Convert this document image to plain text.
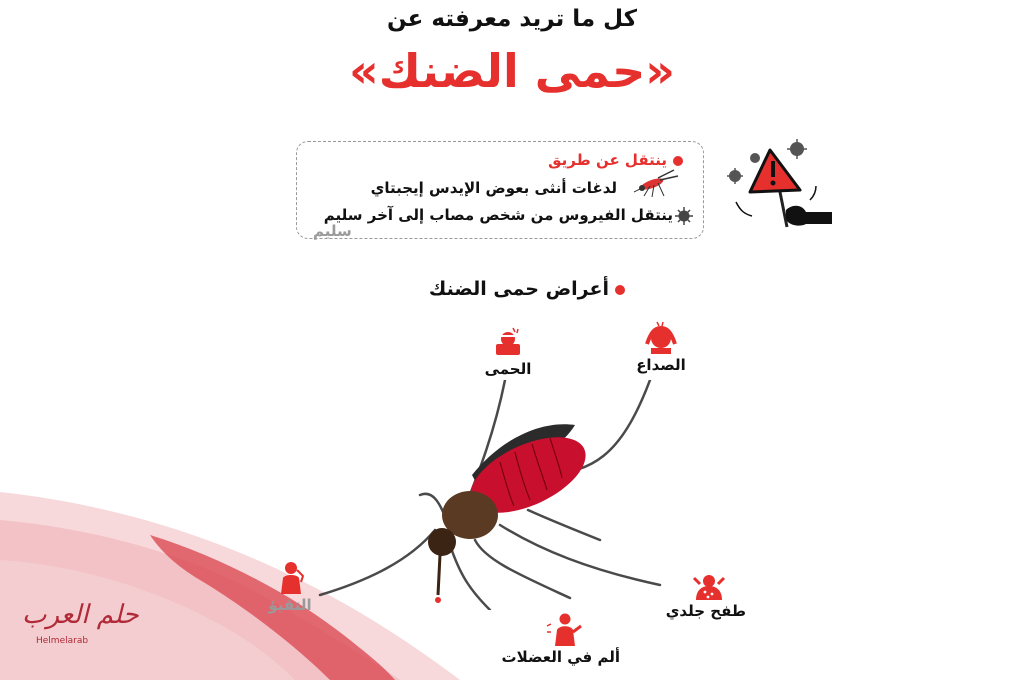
كل ما تريد معرفته عن
«حمى الضنك»
ينتقل عن طريق
لدغات أنثى بعوض الإيدس إيجبتاي
ينتقل الفيروس من شخص مصاب إلى آخر سليم
سليم
أعراض حمى الضنك
الحمى	الصداع
طفح جلدي
ألم في العضلات
التقيؤ
حلم العرب
Helmelarab
